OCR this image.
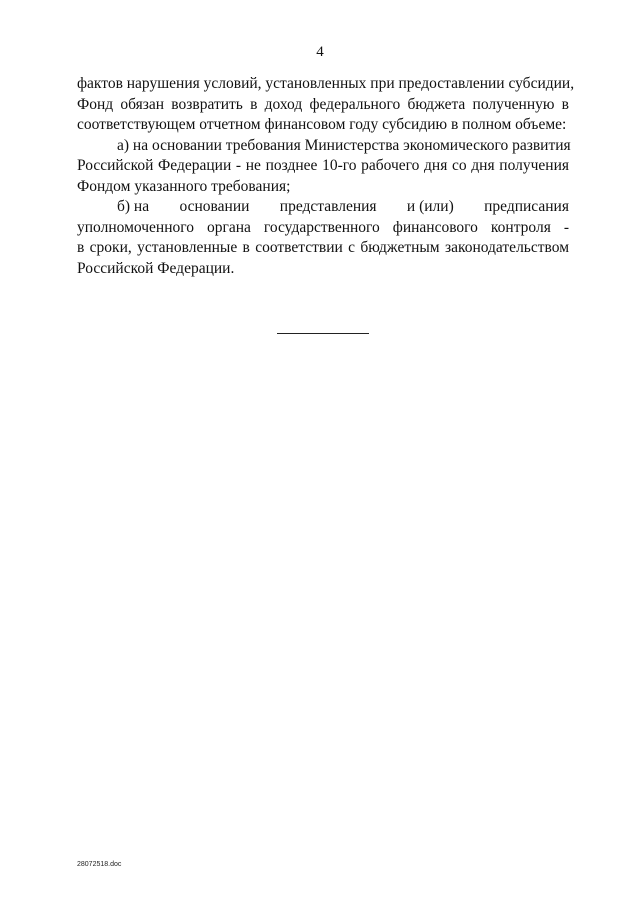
4
фактов нарушения условий, установленных при предоставлении субсидии,
Фонд обязан возвратить в доход федерального бюджета полученную в
соответствующем отчетном финансовом году субсидию в полном объеме:
а) на основании требования Министерства экономического развития
Российской Федерации - не позднее 10-го рабочего дня со дня получения
Фондом указанного требования;
б) на основании представления и (или) предписания
уполномоченного органа государственного финансового контроля -
в сроки, установленные в соответствии с бюджетным законодательством
Российской Федерации.
28072518.doc
